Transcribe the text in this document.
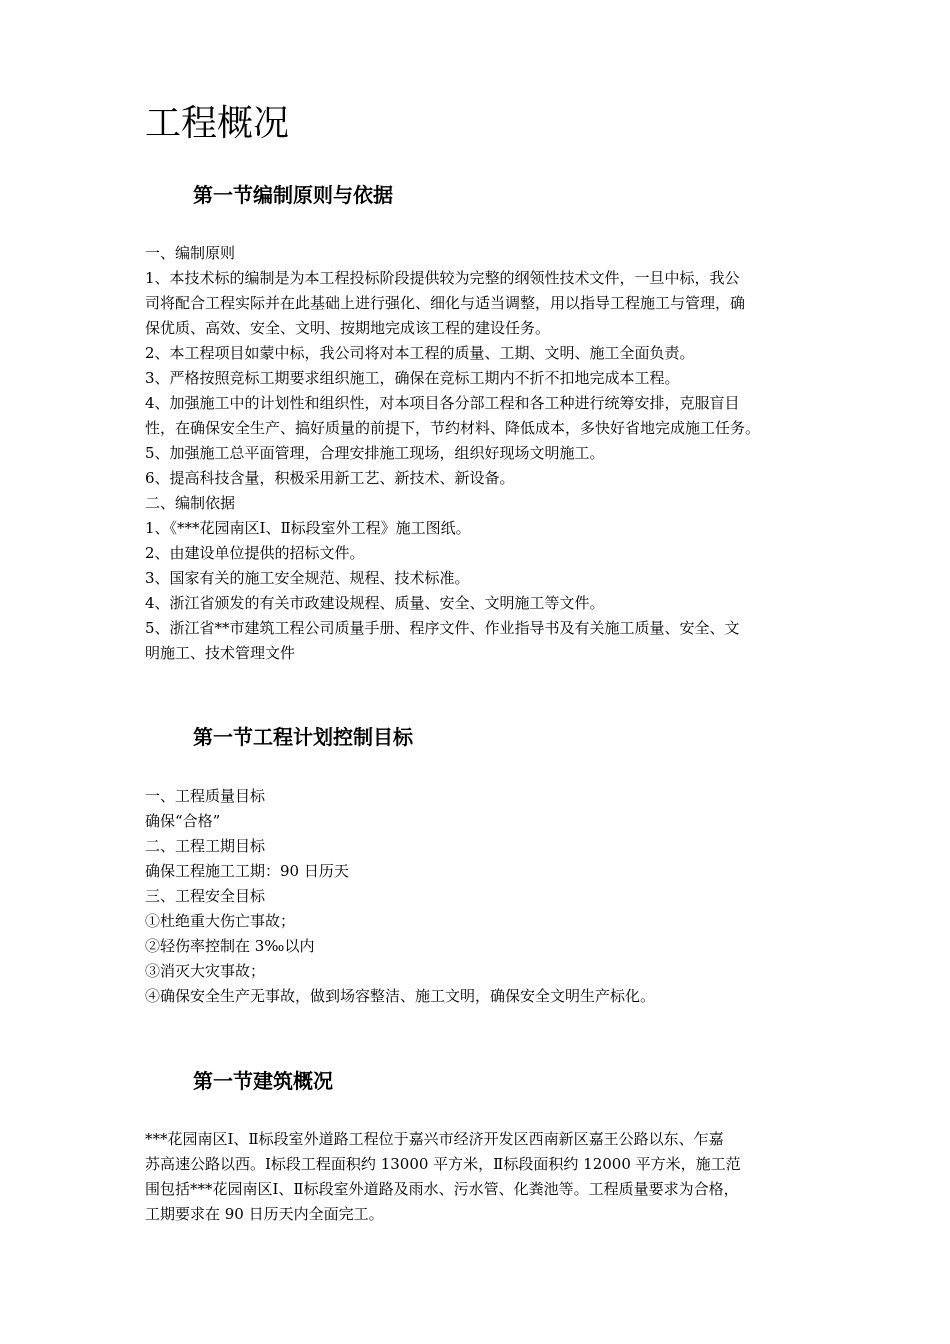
工程概况
第一节编制原则与依据
一、编制原则
1、本技术标的编制是为本工程投标阶段提供较为完整的纲领性技术文件，一旦中标，我公
司将配合工程实际并在此基础上进行强化、细化与适当调整，用以指导工程施工与管理，确
保优质、高效、安全、文明、按期地完成该工程的建设任务。
2、本工程项目如蒙中标，我公司将对本工程的质量、工期、文明、施工全面负责。
3、严格按照竞标工期要求组织施工，确保在竞标工期内不折不扣地完成本工程。
4、加强施工中的计划性和组织性，对本项目各分部工程和各工种进行统筹安排，克服盲目
性，在确保安全生产、搞好质量的前提下，节约材料、降低成本，多快好省地完成施工任务。
5、加强施工总平面管理，合理安排施工现场，组织好现场文明施工。
6、提高科技含量，积极采用新工艺、新技术、新设备。
二、编制依据
1、《***花园南区Ⅰ、Ⅱ标段室外工程》施工图纸。
2、由建设单位提供的招标文件。
3、国家有关的施工安全规范、规程、技术标准。
4、浙江省颁发的有关市政建设规程、质量、安全、文明施工等文件。
5、浙江省**市建筑工程公司质量手册、程序文件、作业指导书及有关施工质量、安全、文
明施工、技术管理文件
第一节工程计划控制目标
一、工程质量目标
确保“合格”
二、工程工期目标
确保工程施工工期：90 日历天
三、工程安全目标
①杜绝重大伤亡事故；
②轻伤率控制在 3‰以内
③消灭大灾事故；
④确保安全生产无事故，做到场容整洁、施工文明，确保安全文明生产标化。
第一节建筑概况
***花园南区Ⅰ、Ⅱ标段室外道路工程位于嘉兴市经济开发区西南新区嘉王公路以东、乍嘉
苏高速公路以西。Ⅰ标段工程面积约 13000 平方米，Ⅱ标段面积约 12000 平方米，施工范
围包括***花园南区Ⅰ、Ⅱ标段室外道路及雨水、污水管、化粪池等。工程质量要求为合格，
工期要求在 90 日历天内全面完工。
